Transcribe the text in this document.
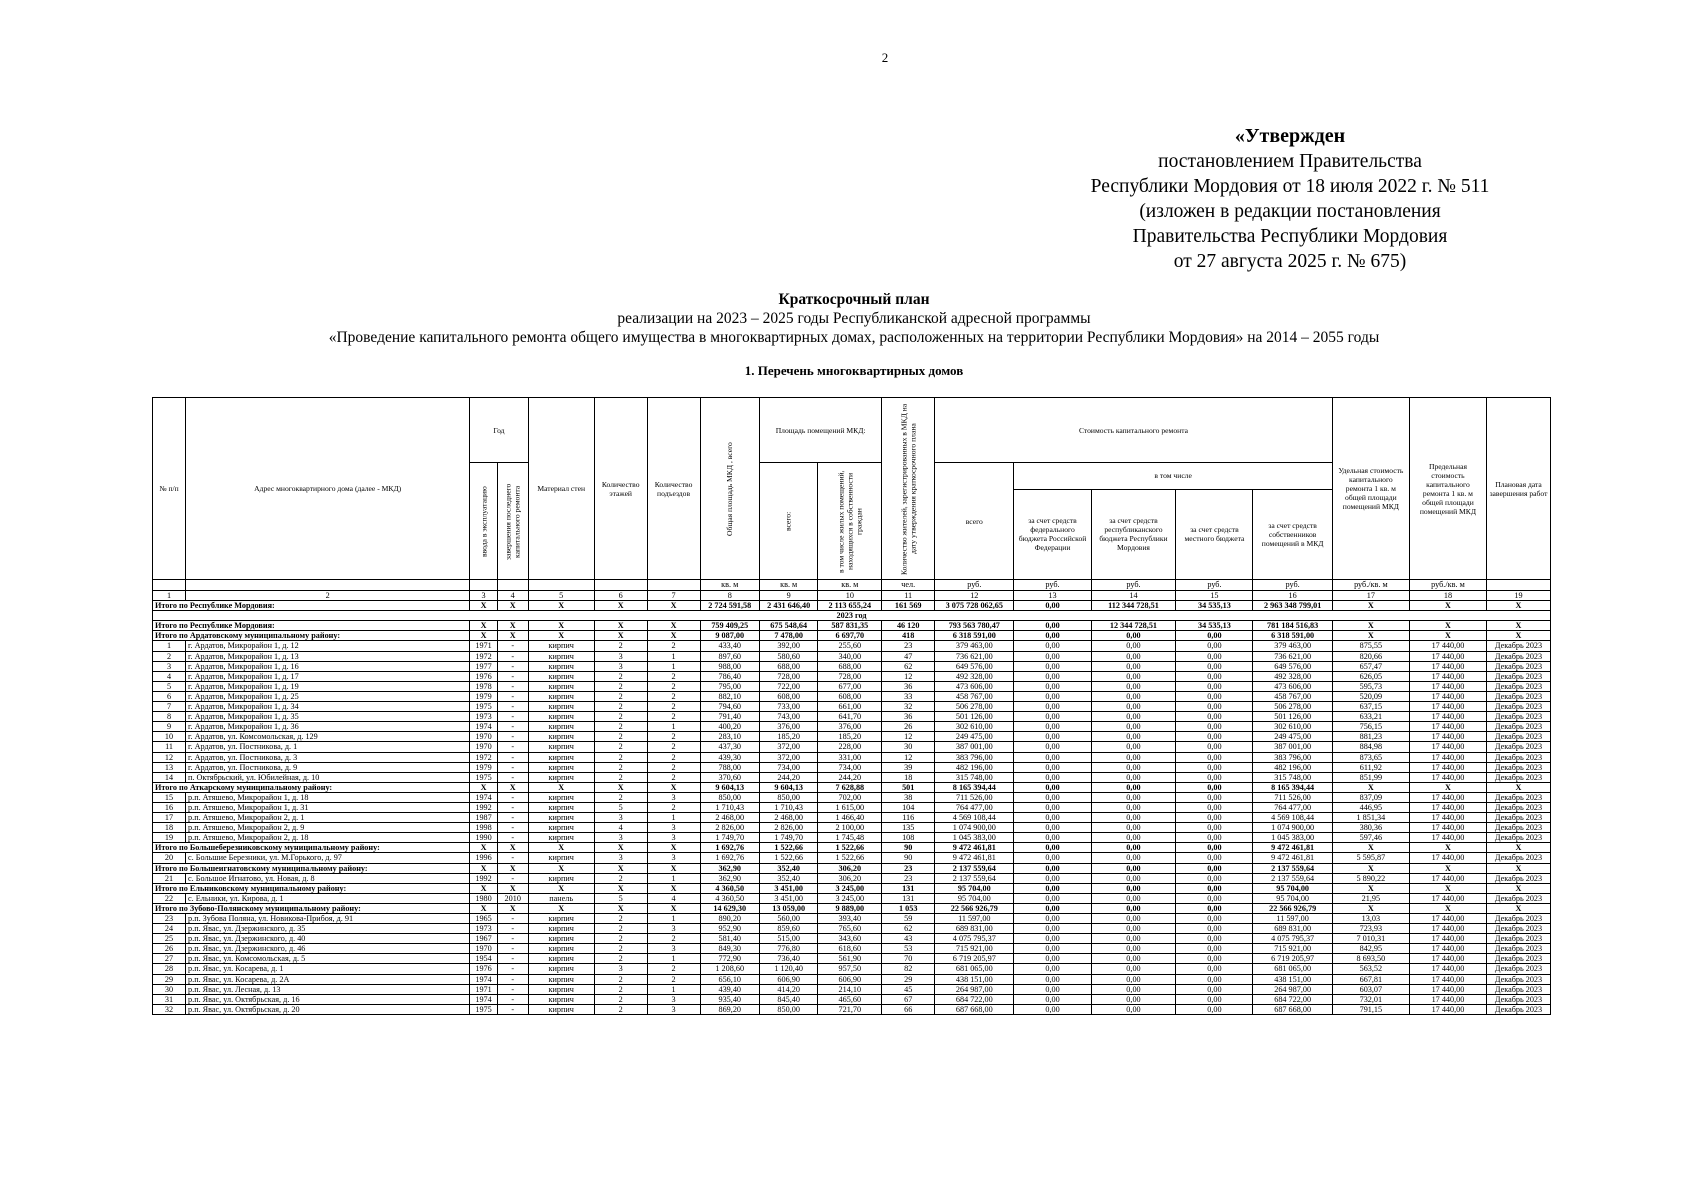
2
«Утвержден
постановлением Правительства
Республики Мордовия от 18 июля 2022 г. № 511
(изложен в редакции постановления
Правительства Республики Мордовия
от 27 августа 2025 г. № 675)
Краткосрочный план
реализации на 2023 – 2025 годы Республиканской адресной программы
«Проведение капитального ремонта общего имущества в многоквартирных домах, расположенных на территории Республики Мордовия» на 2014 – 2055 годы
1. Перечень многоквартирных домов
№ п/п	Адрес многоквартирного дома (далее - МКД)	Год		Материал стен	Количество этажей	Количество подъездов	Общая площадь МКД , всего	Площадь помещений МКД:		Количество жителей, зарегистрированных в МКД на дату утверждения краткосрочного плана	Стоимость капитального ремонта					Удельная стоимость капитального ремонта 1 кв. м общей площади помещений МКД	Предельная стоимость капитального ремонта 1 кв. м общей площади помещений МКД	Плановая дата завершения работ
		ввода в эксплуатацию	завершения последнего капитального ремонта					всего:	в том числе жилых помещений, находящихся в собственности граждан		всего	в том числе						
												за счет средств федерального бюджета Российской Федерации	за счет средств республиканского бюджета Республики Мордовия	за счет средств местного бюджета	за счет средств собственников помещений в МКД			
							кв. м	кв. м	кв. м	чел.	руб.	руб.	руб.	руб.	руб.	руб./кв. м	руб./кв. м	
1	2	3	4	5	6	7	8	9	10	11	12	13	14	15	16	17	18	19
Итого по Республике Мордовия:		X	X	X	X	X	2 724 591,58	2 431 646,40	2 113 655,24	161 569	3 075 728 062,65	0,00	112 344 728,51	34 535,13	2 963 348 799,01	X	X	X
2023 год																		
Итого по Республике Мордовия:		X	X	X	X	X	759 409,25	675 548,64	587 831,35	46 120	793 563 780,47	0,00	12 344 728,51	34 535,13	781 184 516,83	X	X	X
Итого по Ардатовскому муниципальному району:		X	X	X	X	X	9 087,00	7 478,00	6 697,70	418	6 318 591,00	0,00	0,00	0,00	6 318 591,00	X	X	X
1	г. Ардатов, Микрорайон 1, д. 12	1971	-	кирпич	2	2	433,40	392,00	255,60	23	379 463,00	0,00	0,00	0,00	379 463,00	875,55	17 440,00	Декабрь 2023
2	г. Ардатов, Микрорайон 1, д. 13	1972	-	кирпич	3	1	897,60	580,60	340,00	47	736 621,00	0,00	0,00	0,00	736 621,00	820,66	17 440,00	Декабрь 2023
3	г. Ардатов, Микрорайон 1, д. 16	1977	-	кирпич	3	1	988,00	688,00	688,00	62	649 576,00	0,00	0,00	0,00	649 576,00	657,47	17 440,00	Декабрь 2023
4	г. Ардатов, Микрорайон 1, д. 17	1976	-	кирпич	2	2	786,40	728,00	728,00	12	492 328,00	0,00	0,00	0,00	492 328,00	626,05	17 440,00	Декабрь 2023
5	г. Ардатов, Микрорайон 1, д. 19	1978	-	кирпич	2	2	795,00	722,00	677,00	36	473 606,00	0,00	0,00	0,00	473 606,00	595,73	17 440,00	Декабрь 2023
6	г. Ардатов, Микрорайон 1, д. 25	1979	-	кирпич	2	2	882,10	608,00	608,00	33	458 767,00	0,00	0,00	0,00	458 767,00	520,09	17 440,00	Декабрь 2023
7	г. Ардатов, Микрорайон 1, д. 34	1975	-	кирпич	2	2	794,60	733,00	661,00	32	506 278,00	0,00	0,00	0,00	506 278,00	637,15	17 440,00	Декабрь 2023
8	г. Ардатов, Микрорайон 1, д. 35	1973	-	кирпич	2	2	791,40	743,00	641,70	36	501 126,00	0,00	0,00	0,00	501 126,00	633,21	17 440,00	Декабрь 2023
9	г. Ардатов, Микрорайон 1, д. 36	1974	-	кирпич	2	1	400,20	376,00	376,00	26	302 610,00	0,00	0,00	0,00	302 610,00	756,15	17 440,00	Декабрь 2023
10	г. Ардатов, ул. Комсомольская, д. 129	1970	-	кирпич	2	2	283,10	185,20	185,20	12	249 475,00	0,00	0,00	0,00	249 475,00	881,23	17 440,00	Декабрь 2023
11	г. Ардатов, ул. Постникова, д. 1	1970	-	кирпич	2	2	437,30	372,00	228,00	30	387 001,00	0,00	0,00	0,00	387 001,00	884,98	17 440,00	Декабрь 2023
12	г. Ардатов, ул. Постникова, д. 3	1972	-	кирпич	2	2	439,30	372,00	331,00	12	383 796,00	0,00	0,00	0,00	383 796,00	873,65	17 440,00	Декабрь 2023
13	г. Ардатов, ул. Постникова, д. 9	1979	-	кирпич	2	2	788,00	734,00	734,00	39	482 196,00	0,00	0,00	0,00	482 196,00	611,92	17 440,00	Декабрь 2023
14	п. Октябрьский, ул. Юбилейная, д. 10	1975	-	кирпич	2	2	370,60	244,20	244,20	18	315 748,00	0,00	0,00	0,00	315 748,00	851,99	17 440,00	Декабрь 2023
Итого по Аткарскому муниципальному району:		X	X	X	X	X	9 604,13	9 604,13	7 628,88	501	8 165 394,44	0,00	0,00	0,00	8 165 394,44	X	X	X
15	р.п. Атяшево, Микрорайон 1, д. 18	1974	-	кирпич	2	3	850,00	850,00	702,00	38	711 526,00	0,00	0,00	0,00	711 526,00	837,09	17 440,00	Декабрь 2023
16	р.п. Атяшево, Микрорайон 1, д. 31	1992	-	кирпич	5	2	1 710,43	1 710,43	1 615,00	104	764 477,00	0,00	0,00	0,00	764 477,00	446,95	17 440,00	Декабрь 2023
17	р.п. Атяшево, Микрорайон 2, д. 1	1987	-	кирпич	3	1	2 468,00	2 468,00	1 466,40	116	4 569 108,44	0,00	0,00	0,00	4 569 108,44	1 851,34	17 440,00	Декабрь 2023
18	р.п. Атяшево, Микрорайон 2, д. 9	1998	-	кирпич	4	3	2 826,00	2 826,00	2 100,00	135	1 074 900,00	0,00	0,00	0,00	1 074 900,00	380,36	17 440,00	Декабрь 2023
19	р.п. Атяшево, Микрорайон 2, д. 18	1990	-	кирпич	3	3	1 749,70	1 749,70	1 745,48	108	1 045 383,00	0,00	0,00	0,00	1 045 383,00	597,46	17 440,00	Декабрь 2023
Итого по Большеберезниковскому муниципальному району:		X	X	X	X	X	1 692,76	1 522,66	1 522,66	90	9 472 461,81	0,00	0,00	0,00	9 472 461,81	X	X	X
20	с. Большие Березники, ул. М.Горького, д. 97	1996	-	кирпич	3	3	1 692,76	1 522,66	1 522,66	90	9 472 461,81	0,00	0,00	0,00	9 472 461,81	5 595,87	17 440,00	Декабрь 2023
Итого по Большеигнатовскому муниципальному району:		X	X	X	X	X	362,90	352,40	306,20	23	2 137 559,64	0,00	0,00	0,00	2 137 559,64	X	X	X
21	с. Большое Игнатово, ул. Новая, д. 8	1992	-	кирпич	2	1	362,90	352,40	306,20	23	2 137 559,64	0,00	0,00	0,00	2 137 559,64	5 890,22	17 440,00	Декабрь 2023
Итого по Ельниковскому муниципальному району:		X	X	X	X	X	4 360,50	3 451,00	3 245,00	131	95 704,00	0,00	0,00	0,00	95 704,00	X	X	X
22	с. Ельники, ул. Кирова, д. 1	1980	2010	панель	5	4	4 360,50	3 451,00	3 245,00	131	95 704,00	0,00	0,00	0,00	95 704,00	21,95	17 440,00	Декабрь 2023
Итого по Зубово-Полянскому муниципальному району:		X	X	X	X	X	14 629,30	13 059,00	9 889,00	1 053	22 566 926,79	0,00	0,00	0,00	22 566 926,79	X	X	X
23	р.п. Зубова Поляна, ул. Новикова-Прибоя, д. 91	1965	-	кирпич	2	1	890,20	560,00	393,40	59	11 597,00	0,00	0,00	0,00	11 597,00	13,03	17 440,00	Декабрь 2023
24	р.п. Явас, ул. Дзержинского, д. 35	1973	-	кирпич	2	3	952,90	859,60	765,60	62	689 831,00	0,00	0,00	0,00	689 831,00	723,93	17 440,00	Декабрь 2023
25	р.п. Явас, ул. Дзержинского, д. 40	1967	-	кирпич	2	2	581,40	515,00	343,60	43	4 075 795,37	0,00	0,00	0,00	4 075 795,37	7 010,31	17 440,00	Декабрь 2023
26	р.п. Явас, ул. Дзержинского, д. 46	1970	-	кирпич	2	3	849,30	776,80	618,60	53	715 921,00	0,00	0,00	0,00	715 921,00	842,95	17 440,00	Декабрь 2023
27	р.п. Явас, ул. Комсомольская, д. 5	1954	-	кирпич	2	1	772,90	736,40	561,90	70	6 719 205,97	0,00	0,00	0,00	6 719 205,97	8 693,50	17 440,00	Декабрь 2023
28	р.п. Явас, ул. Косарева, д. 1	1976	-	кирпич	3	2	1 208,60	1 120,40	957,50	82	681 065,00	0,00	0,00	0,00	681 065,00	563,52	17 440,00	Декабрь 2023
29	р.п. Явас, ул. Косарева, д. 2А	1974	-	кирпич	2	2	656,10	606,90	606,90	29	438 151,00	0,00	0,00	0,00	438 151,00	667,81	17 440,00	Декабрь 2023
30	р.п. Явас, ул. Лесная, д. 13	1971	-	кирпич	2	1	439,40	414,20	214,10	45	264 987,00	0,00	0,00	0,00	264 987,00	603,07	17 440,00	Декабрь 2023
31	р.п. Явас, ул. Октябрьская, д. 16	1974	-	кирпич	2	3	935,40	845,40	465,60	67	684 722,00	0,00	0,00	0,00	684 722,00	732,01	17 440,00	Декабрь 2023
32	р.п. Явас, ул. Октябрьская, д. 20	1975	-	кирпич	2	3	869,20	850,00	721,70	66	687 668,00	0,00	0,00	0,00	687 668,00	791,15	17 440,00	Декабрь 2023
